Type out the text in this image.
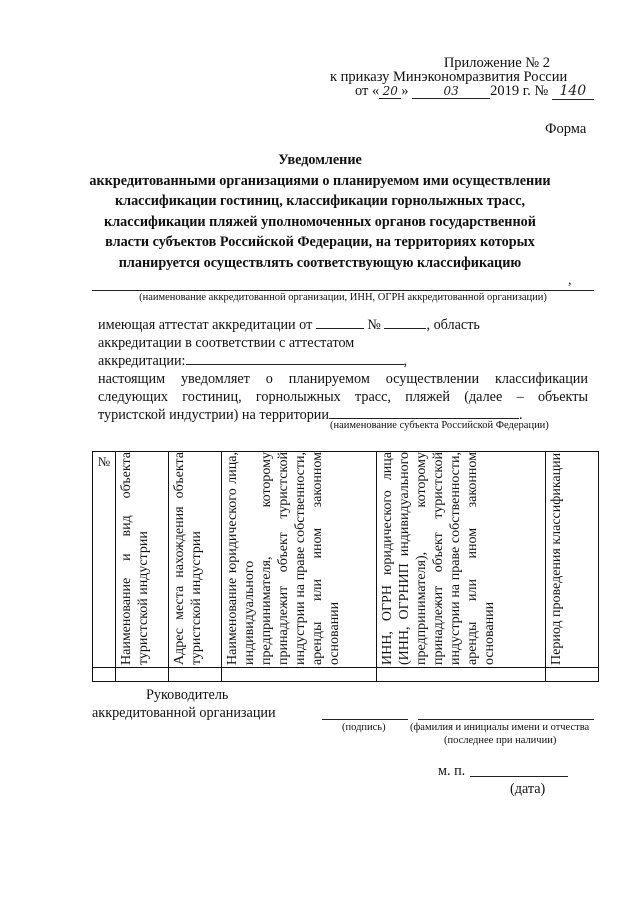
Приложение № 2
к приказу Минэкономразвития России
от « 20 »	03 2019 г. № 140
Форма
Уведомление
аккредитованными организациями о планируемом ими осуществлении
классификации гостиниц, классификации горнолыжных трасс,
классификации пляжей уполномоченных органов государственной
власти субъектов Российской Федерации, на территориях которых
планируется осуществлять соответствующую классификацию
,
(наименование аккредитованной организации, ИНН, ОГРН аккредитованной организации)
имеющая аттестат аккредитации от	№	, область
аккредитации в соответствии с аттестатом
аккредитации:	,
настоящим уведомляет о планируемом осуществлении классификации
следующих гостиниц, горнолыжных трасс, пляжей (далее – объекты
туристской индустрии) на территории	.
(наименование субъекта Российской Федерации)
№	Наименование и вид объекта туристской индустрии	Адрес места нахождения объекта туристской индустрии	Наименование юридического лица, индивидуального предпринимателя, которому принадлежит объект туристской индустрии на праве собственности, аренды или ином законном основании	ИНН, ОГРН юридического лица (ИНН, ОГРНИП индивидуального предпринимателя), которому принадлежит объект туристской индустрии на праве собственности, аренды или ином законном основании	Период проведения классификации

Руководитель
аккредитованной организации
(подпись) (фамилия и инициалы имени и отчества
(последнее при наличии)
м. п.
(дата)
